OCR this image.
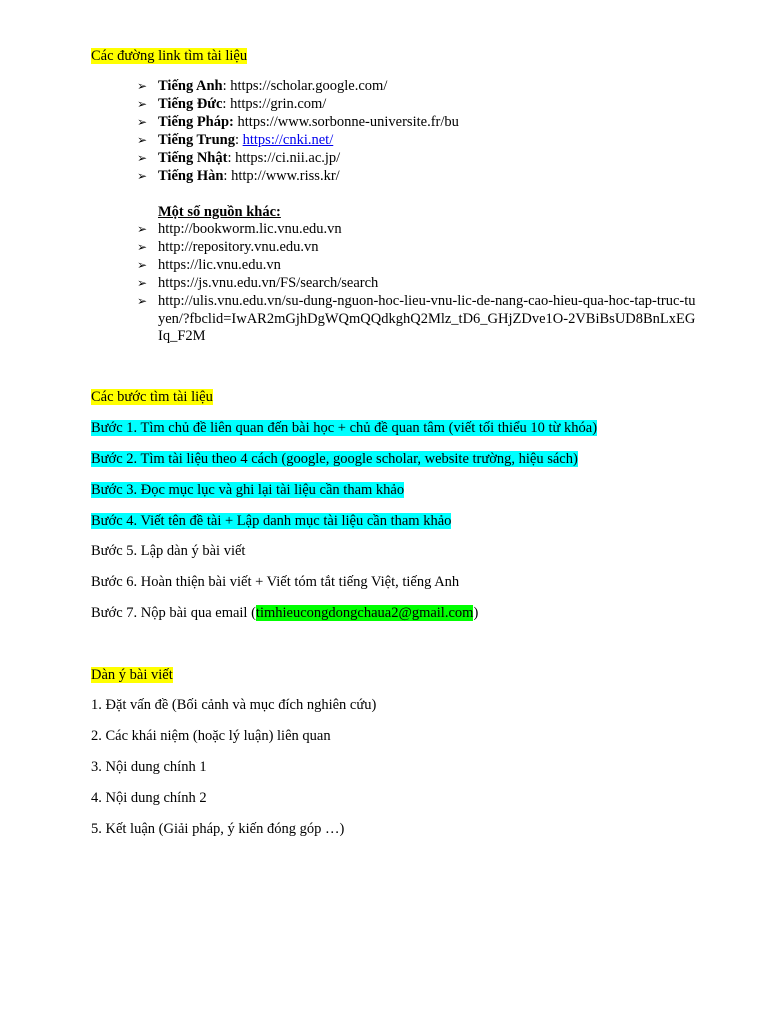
Các đường link tìm tài liệu
➢ Tiếng Anh: https://scholar.google.com/
➢ Tiếng Đức: https://grin.com/
➢ Tiếng Pháp: https://www.sorbonne-universite.fr/bu
➢ Tiếng Trung: https://cnki.net/
➢ Tiếng Nhật: https://ci.nii.ac.jp/
➢ Tiếng Hàn: http://www.riss.kr/
Một số nguồn khác:
➢ http://bookworm.lic.vnu.edu.vn
➢ http://repository.vnu.edu.vn
➢ https://lic.vnu.edu.vn
➢ https://js.vnu.edu.vn/FS/search/search
➢ http://ulis.vnu.edu.vn/su-dung-nguon-hoc-lieu-vnu-lic-de-nang-cao-hieu-qua-hoc-tap-truc-tuyen/?fbclid=IwAR2mGjhDgWQmQQdkghQ2Mlz_tD6_GHjZDve1O-2VBiBsUD8BnLxEGIq_F2M
Các bước tìm tài liệu
Bước 1. Tìm chủ đề liên quan đến bài học + chủ đề quan tâm (viết tối thiểu 10 từ khóa)
Bước 2. Tìm tài liệu theo 4 cách (google, google scholar, website trường, hiệu sách)
Bước 3. Đọc mục lục và ghi lại tài liệu cần tham khảo
Bước 4. Viết tên đề tài + Lập danh mục tài liệu cần tham khảo
Bước 5. Lập dàn ý bài viết
Bước 6. Hoàn thiện bài viết + Viết tóm tắt tiếng Việt, tiếng Anh
Bước 7. Nộp bài qua email (timhieucongdongchaua2@gmail.com)
Dàn ý bài viết
1. Đặt vấn đề (Bối cảnh và mục đích nghiên cứu)
2. Các khái niệm (hoặc lý luận) liên quan
3. Nội dung chính 1
4. Nội dung chính 2
5. Kết luận (Giải pháp, ý kiến đóng góp …)
